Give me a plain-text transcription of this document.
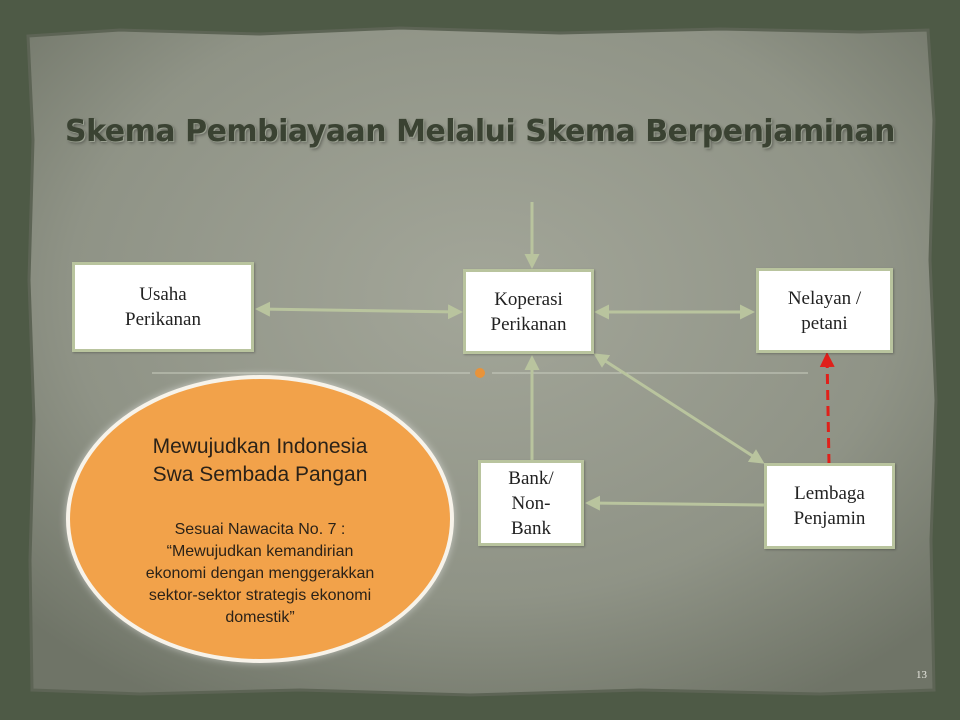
Skema Pembiayaan Melalui Skema Berpenjaminan
Usaha
Perikanan
Koperasi
Perikanan
Nelayan /
petani
Bank/
Non-
Bank
Lembaga
Penjamin
Mewujudkan Indonesia
Swa Sembada Pangan
Sesuai Nawacita No. 7 :
“Mewujudkan kemandirian
ekonomi dengan menggerakkan
sektor-sektor strategis ekonomi
domestik”
13
